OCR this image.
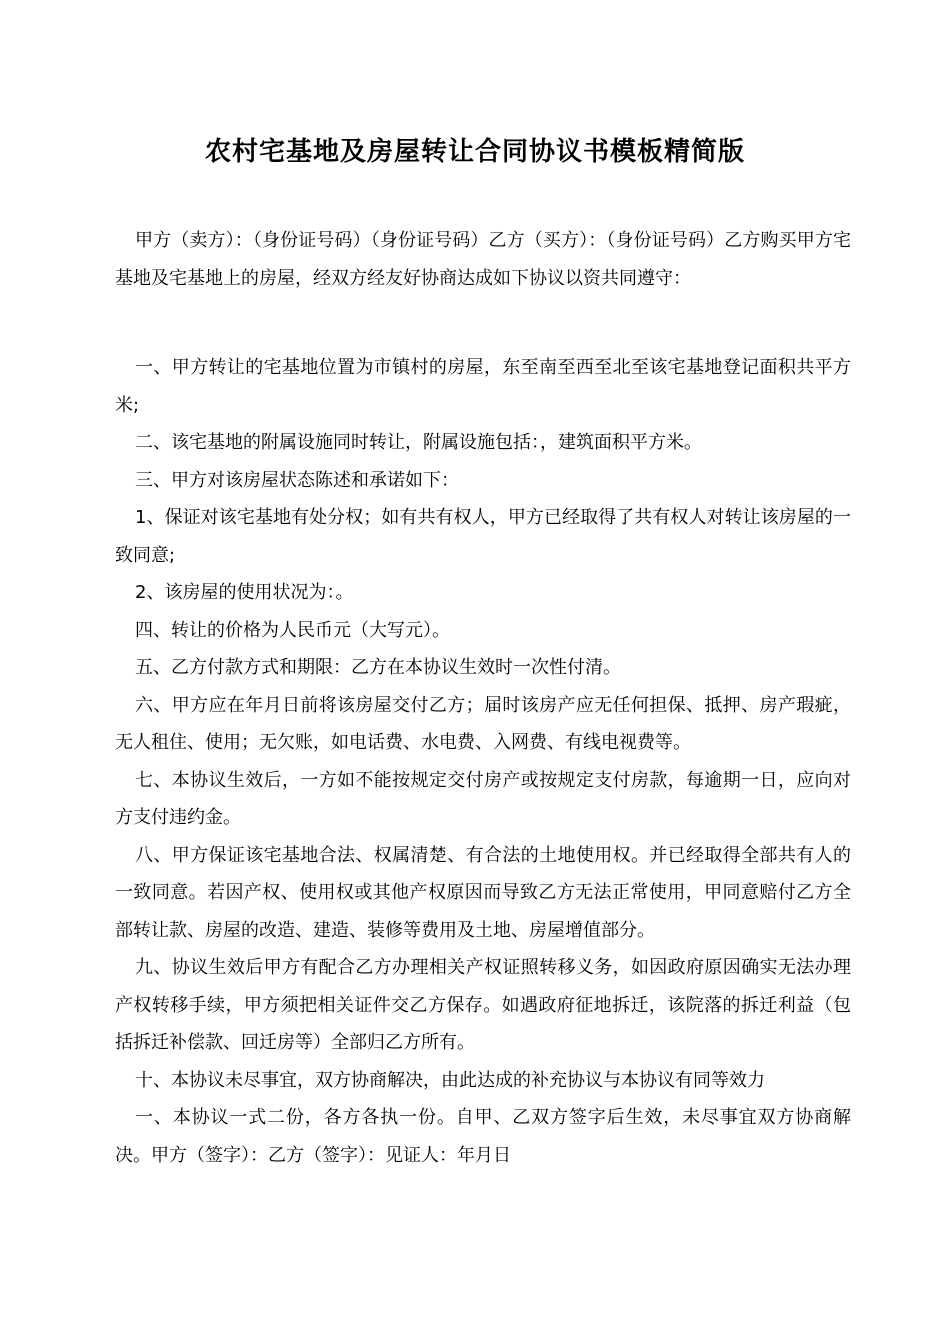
农村宅基地及房屋转让合同协议书模板精简版

甲方（卖方）：（身份证号码）（身份证号码）乙方（买方）：（身份证号码）乙方购买甲方宅基地及宅基地上的房屋，经双方经友好协商达成如下协议以资共同遵守：

一、甲方转让的宅基地位置为市镇村的房屋，东至南至西至北至该宅基地登记面积共平方米;

二、该宅基地的附属设施同时转让，附属设施包括：，建筑面积平方米。

三、甲方对该房屋状态陈述和承诺如下：

1、保证对该宅基地有处分权；如有共有权人，甲方已经取得了共有权人对转让该房屋的一致同意;

2、该房屋的使用状况为：。

四、转让的价格为人民币元（大写元）。

五、乙方付款方式和期限：乙方在本协议生效时一次性付清。

六、甲方应在年月日前将该房屋交付乙方；届时该房产应无任何担保、抵押、房产瑕疵，无人租住、使用；无欠账，如电话费、水电费、入网费、有线电视费等。

七、本协议生效后，一方如不能按规定交付房产或按规定支付房款，每逾期一日，应向对方支付违约金。

八、甲方保证该宅基地合法、权属清楚、有合法的土地使用权。并已经取得全部共有人的一致同意。若因产权、使用权或其他产权原因而导致乙方无法正常使用，甲同意赔付乙方全部转让款、房屋的改造、建造、装修等费用及土地、房屋增值部分。

九、协议生效后甲方有配合乙方办理相关产权证照转移义务，如因政府原因确实无法办理产权转移手续，甲方须把相关证件交乙方保存。如遇政府征地拆迁，该院落的拆迁利益（包括拆迁补偿款、回迁房等）全部归乙方所有。

十、本协议未尽事宜，双方协商解决，由此达成的补充协议与本协议有同等效力

一、本协议一式二份，各方各执一份。自甲、乙双方签字后生效，未尽事宜双方协商解决。甲方（签字）：乙方（签字）：见证人：年月日
